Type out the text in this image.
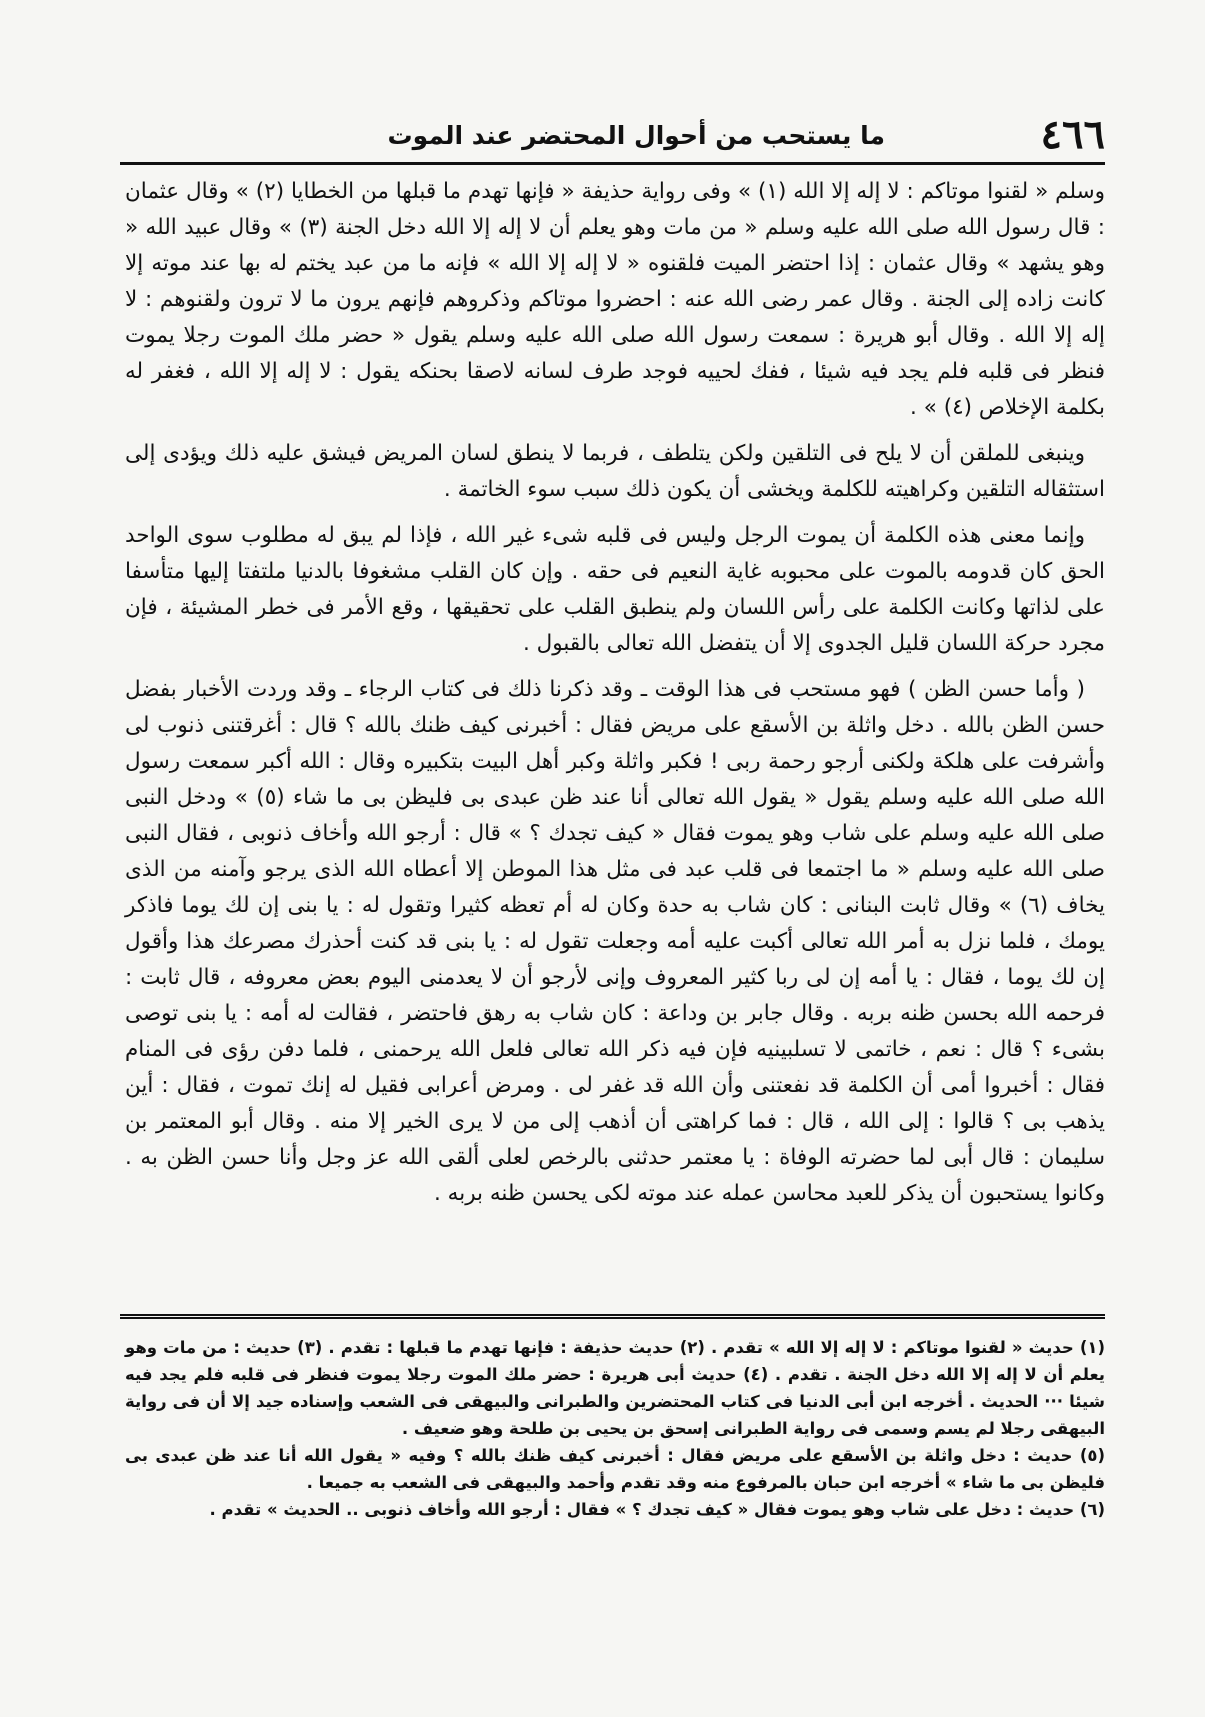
٤٦٦
ما يستحب من أحوال المحتضر عند الموت

وسلم « لقنوا موتاكم : لا إله إلا الله (١) » وفى رواية حذيفة « فإنها تهدم ما قبلها من الخطايا (٢) » وقال عثمان : قال رسول الله صلى الله عليه وسلم « من مات وهو يعلم أن لا إله إلا الله دخل الجنة (٣) » وقال عبيد الله « وهو يشهد » وقال عثمان : إذا احتضر الميت فلقنوه « لا إله إلا الله » فإنه ما من عبد يختم له بها عند موته إلا كانت زاده إلى الجنة . وقال عمر رضى الله عنه : احضروا موتاكم وذكروهم فإنهم يرون ما لا ترون ولقنوهم : لا إله إلا الله . وقال أبو هريرة : سمعت رسول الله صلى الله عليه وسلم يقول « حضر ملك الموت رجلا يموت فنظر فى قلبه فلم يجد فيه شيئا ، ففك لحييه فوجد طرف لسانه لاصقا بحنكه يقول : لا إله إلا الله ، فغفر له بكلمة الإخلاص (٤) » .

وينبغى للملقن أن لا يلح فى التلقين ولكن يتلطف ، فربما لا ينطق لسان المريض فيشق عليه ذلك ويؤدى إلى استثقاله التلقين وكراهيته للكلمة ويخشى أن يكون ذلك سبب سوء الخاتمة .

وإنما معنى هذه الكلمة أن يموت الرجل وليس فى قلبه شىء غير الله ، فإذا لم يبق له مطلوب سوى الواحد الحق كان قدومه بالموت على محبوبه غاية النعيم فى حقه . وإن كان القلب مشغوفا بالدنيا ملتفتا إليها متأسفا على لذاتها وكانت الكلمة على رأس اللسان ولم ينطبق القلب على تحقيقها ، وقع الأمر فى خطر المشيئة ، فإن مجرد حركة اللسان قليل الجدوى إلا أن يتفضل الله تعالى بالقبول .

( وأما حسن الظن ) فهو مستحب فى هذا الوقت ـ وقد ذكرنا ذلك فى كتاب الرجاء ـ وقد وردت الأخبار بفضل حسن الظن بالله . دخل واثلة بن الأسقع على مريض فقال : أخبرنى كيف ظنك بالله ؟ قال : أغرقتنى ذنوب لى وأشرفت على هلكة ولكنى أرجو رحمة ربى ! فكبر واثلة وكبر أهل البيت بتكبيره وقال : الله أكبر سمعت رسول الله صلى الله عليه وسلم يقول « يقول الله تعالى أنا عند ظن عبدى بى فليظن بى ما شاء (٥) » ودخل النبى صلى الله عليه وسلم على شاب وهو يموت فقال « كيف تجدك ؟ » قال : أرجو الله وأخاف ذنوبى ، فقال النبى صلى الله عليه وسلم « ما اجتمعا فى قلب عبد فى مثل هذا الموطن إلا أعطاه الله الذى يرجو وآمنه من الذى يخاف (٦) » وقال ثابت البنانى : كان شاب به حدة وكان له أم تعظه كثيرا وتقول له : يا بنى إن لك يوما فاذكر يومك ، فلما نزل به أمر الله تعالى أكبت عليه أمه وجعلت تقول له : يا بنى قد كنت أحذرك مصرعك هذا وأقول إن لك يوما ، فقال : يا أمه إن لى ربا كثير المعروف وإنى لأرجو أن لا يعدمنى اليوم بعض معروفه ، قال ثابت : فرحمه الله بحسن ظنه بربه . وقال جابر بن وداعة : كان شاب به رهق فاحتضر ، فقالت له أمه : يا بنى توصى بشىء ؟ قال : نعم ، خاتمى لا تسلبينيه فإن فيه ذكر الله تعالى فلعل الله يرحمنى ، فلما دفن رؤى فى المنام فقال : أخبروا أمى أن الكلمة قد نفعتنى وأن الله قد غفر لى . ومرض أعرابى فقيل له إنك تموت ، فقال : أين يذهب بى ؟ قالوا : إلى الله ، قال : فما كراهتى أن أذهب إلى من لا يرى الخير إلا منه . وقال أبو المعتمر بن سليمان : قال أبى لما حضرته الوفاة : يا معتمر حدثنى بالرخص لعلى ألقى الله عز وجل وأنا حسن الظن به . وكانوا يستحبون أن يذكر للعبد محاسن عمله عند موته لكى يحسن ظنه بربه .

(١) حديث « لقنوا موتاكم : لا إله إلا الله » تقدم . (٢) حديث حذيفة : فإنها تهدم ما قبلها : تقدم . (٣) حديث : من مات وهو يعلم أن لا إله إلا الله دخل الجنة . تقدم . (٤) حديث أبى هريرة : حضر ملك الموت رجلا يموت فنظر فى قلبه فلم يجد فيه شيئا ··· الحديث . أخرجه ابن أبى الدنيا فى كتاب المحتضرين والطبرانى والبيهقى فى الشعب وإسناده جيد إلا أن فى رواية البيهقى رجلا لم يسم وسمى فى رواية الطبرانى إسحق بن يحيى بن طلحة وهو ضعيف .

(٥) حديث : دخل واثلة بن الأسقع على مريض فقال : أخبرنى كيف ظنك بالله ؟ وفيه « يقول الله أنا عند ظن عبدى بى فليظن بى ما شاء » أخرجه ابن حبان بالمرفوع منه وقد تقدم وأحمد والبيهقى فى الشعب به جميعا .

(٦) حديث : دخل على شاب وهو يموت فقال « كيف تجدك ؟ » فقال : أرجو الله وأخاف ذنوبى .. الحديث » تقدم .
